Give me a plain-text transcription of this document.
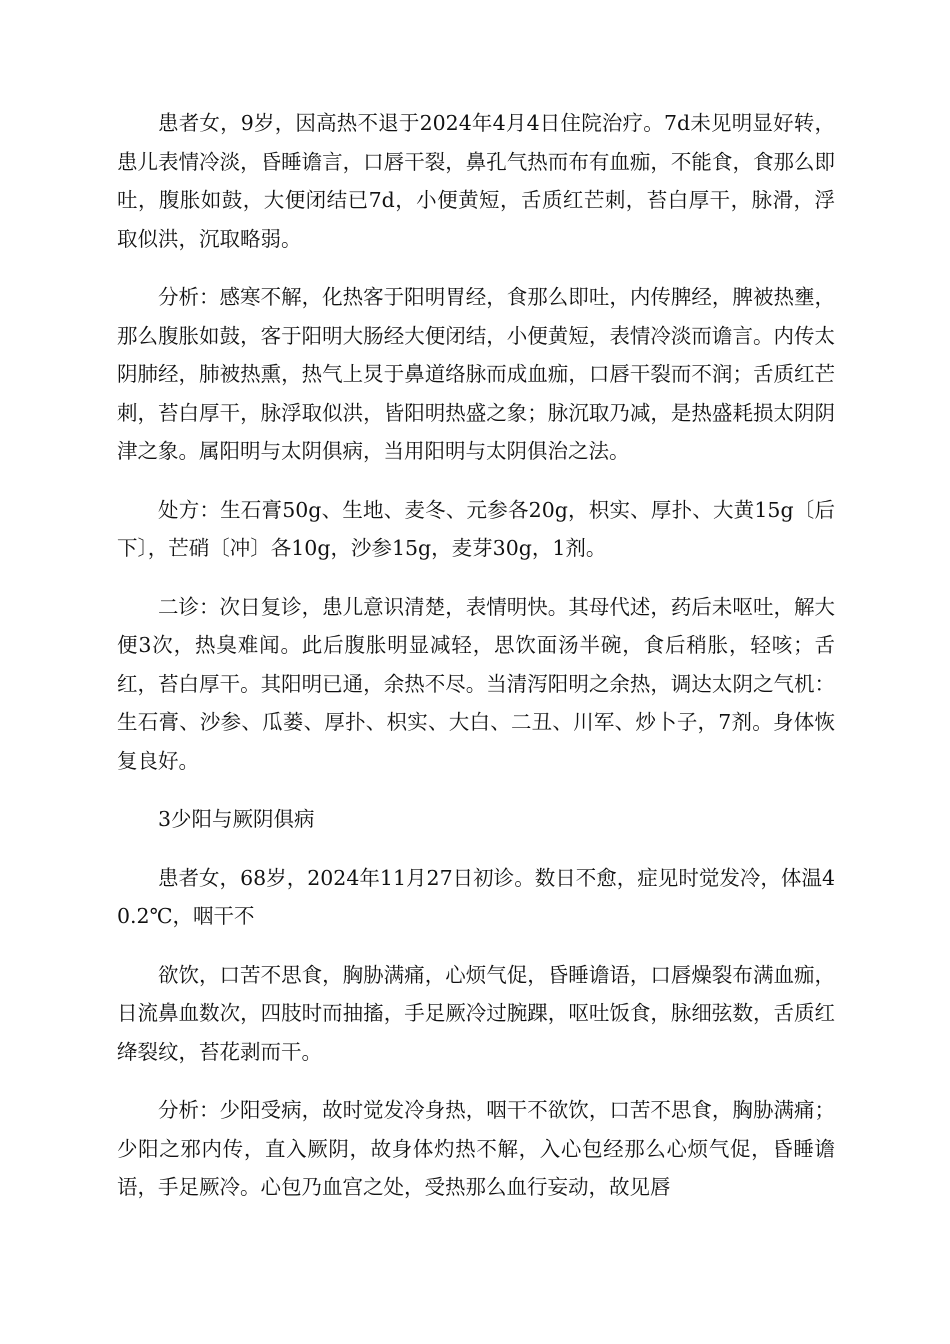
患者女，9岁，因高热不退于2024年4月4日住院治疗。7d未见明显好转，患儿表情冷淡，昏睡谵言，口唇干裂，鼻孔气热而布有血痂，不能食，食那么即吐，腹胀如鼓，大便闭结已7d，小便黄短，舌质红芒刺，苔白厚干，脉滑，浮取似洪，沉取略弱。

分析：感寒不解，化热客于阳明胃经，食那么即吐，内传脾经，脾被热壅，那么腹胀如鼓，客于阳明大肠经大便闭结，小便黄短，表情冷淡而谵言。内传太阴肺经，肺被热熏，热气上炅于鼻道络脉而成血痂，口唇干裂而不润；舌质红芒刺，苔白厚干，脉浮取似洪，皆阳明热盛之象；脉沉取乃减，是热盛耗损太阴阴津之象。属阳明与太阴俱病，当用阳明与太阴俱治之法。

处方：生石膏50g、生地、麦冬、元参各20g，枳实、厚扑、大黄15g〔后下〕，芒硝〔冲〕各10g，沙参15g，麦芽30g，1剂。

二诊：次日复诊，患儿意识清楚，表情明快。其母代述，药后未呕吐，解大便3次，热臭难闻。此后腹胀明显减轻，思饮面汤半碗，食后稍胀，轻咳；舌红，苔白厚干。其阳明已通，余热不尽。当清泻阳明之余热，调达太阴之气机：生石膏、沙参、瓜蒌、厚扑、枳实、大白、二丑、川军、炒卜子，7剂。身体恢复良好。

3少阳与厥阴俱病

患者女，68岁，2024年11月27日初诊。数日不愈，症见时觉发冷，体温40.2℃，咽干不

欲饮，口苦不思食，胸胁满痛，心烦气促，昏睡谵语，口唇燥裂布满血痂，日流鼻血数次，四肢时而抽搐，手足厥冷过腕踝，呕吐饭食，脉细弦数，舌质红绛裂纹，苔花剥而干。

分析：少阳受病，故时觉发冷身热，咽干不欲饮，口苦不思食，胸胁满痛；少阳之邪内传，直入厥阴，故身体灼热不解，入心包经那么心烦气促，昏睡谵语，手足厥冷。心包乃血宫之处，受热那么血行妄动，故见唇
